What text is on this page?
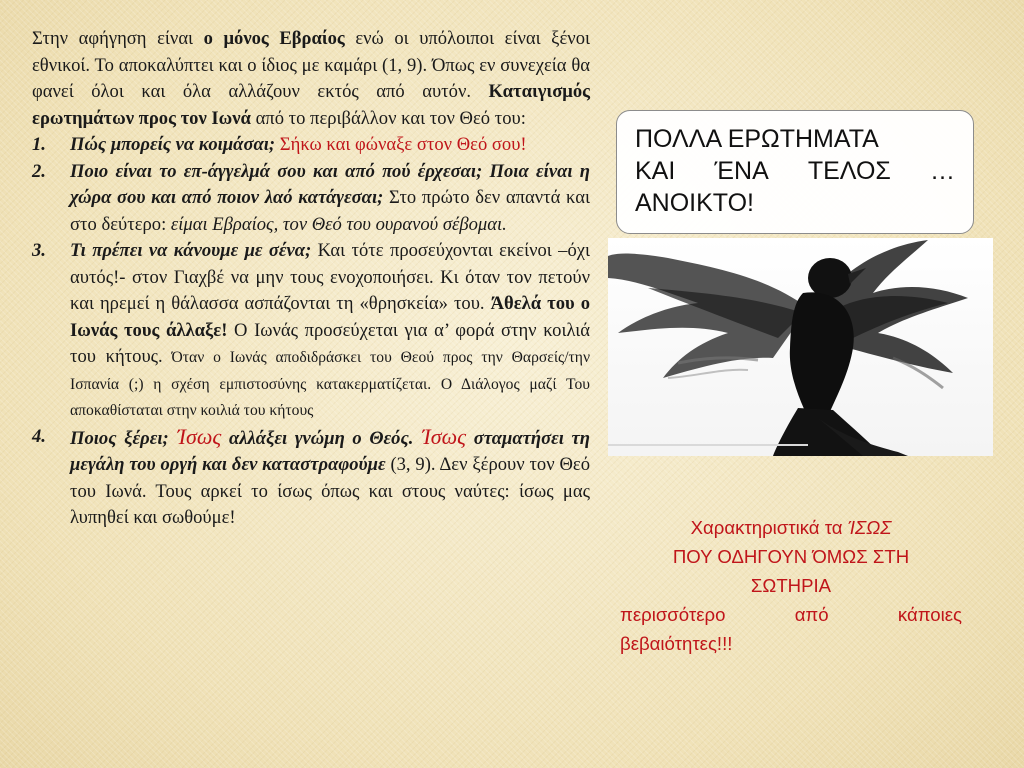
Στην αφήγηση είναι ο μόνος Εβραίος ενώ οι υπόλοιποι είναι ξένοι εθνικοί. Το αποκαλύπτει και ο ίδιος με καμάρι (1, 9). Όπως εν συνεχεία θα φανεί όλοι και όλα αλλάζουν εκτός από αυτόν. Καταιγισμός ερωτημάτων προς τον Ιωνά από το περιβάλλον και τον Θεό του:

1. Πώς μπορείς να κοιμάσαι; Σήκω και φώναξε στον Θεό σου!
2. Ποιο είναι το επ-άγγελμά σου και από πού έρχεσαι; Ποια είναι η χώρα σου και από ποιον λαό κατάγεσαι; Στο πρώτο δεν απαντά και στο δεύτερο: είμαι Εβραίος, τον Θεό του ουρανού σέβομαι.
3. Τι πρέπει να κάνουμε με σένα; Και τότε προσεύχονται εκείνοι –όχι αυτός!- στον Γιαχβέ να μην τους ενοχοποιήσει. Κι όταν τον πετούν και ηρεμεί η θάλασσα ασπάζονται τη «θρησκεία» του. Άθελά του ο Ιωνάς τους άλλαξε! Ο Ιωνάς προσεύχεται για α’ φορά στην κοιλιά του κήτους. Όταν ο Ιωνάς αποδιδράσκει του Θεού προς την Θαρσείς/την Ισπανία (;) η σχέση εμπιστοσύνης κατακερματίζεται. Ο Διάλογος μαζί Του αποκαθίσταται στην κοιλιά του κήτους
4. Ποιος ξέρει; Ίσως αλλάξει γνώμη ο Θεός. Ίσως σταματήσει τη μεγάλη του οργή και δεν καταστραφούμε (3, 9). Δεν ξέρουν τον Θεό του Ιωνά. Τους αρκεί το ίσως όπως και στους ναύτες: ίσως μας λυπηθεί και σωθούμε!
ΠΟΛΛΑ ΕΡΩΤΗΜΑΤΑ
ΚΑΙ ΈΝΑ ΤΕΛΟΣ …
ΑΝΟΙΚΤΟ!
Χαρακτηριστικά τα ΊΣΩΣ
ΠΟΥ ΟΔΗΓΟΥΝ ΌΜΩΣ ΣΤΗ
ΣΩΤΗΡΙΑ
περισσότερο	από	κάποιες
βεβαιότητες!!!
